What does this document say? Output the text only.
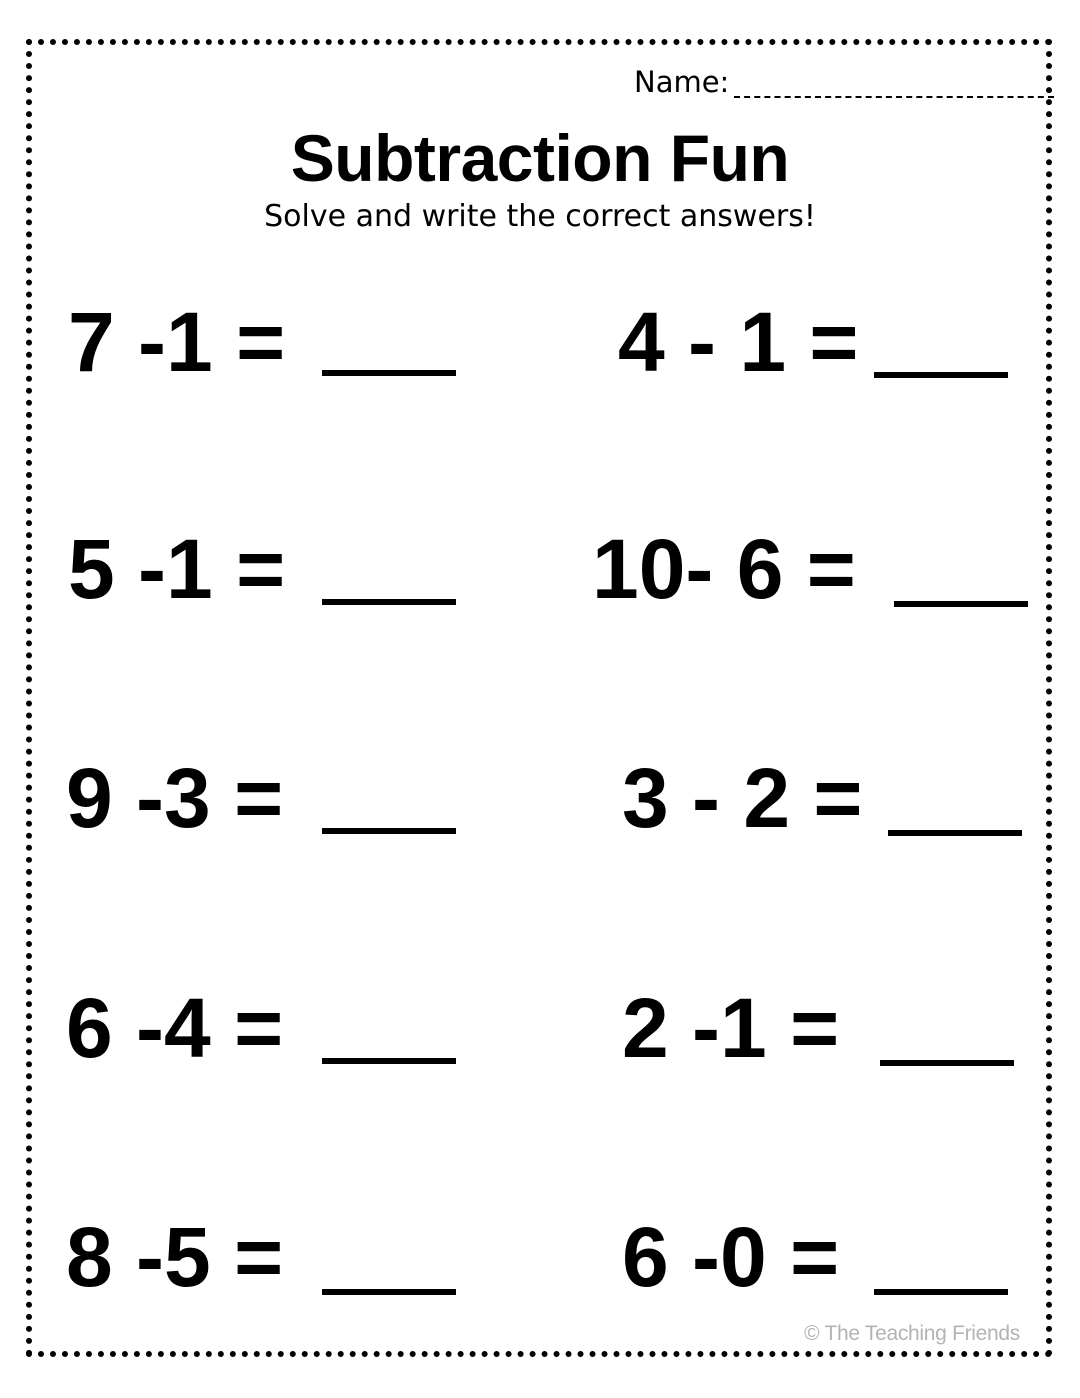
Name:
Subtraction Fun
Solve and write the correct answers!
7 -1 =
5 -1 =
9 -3 =
6 -4 =
8 -5 =
4 - 1 =
10- 6 =
3 - 2 =
2 -1 =
6 -0 =
© The Teaching Friends
